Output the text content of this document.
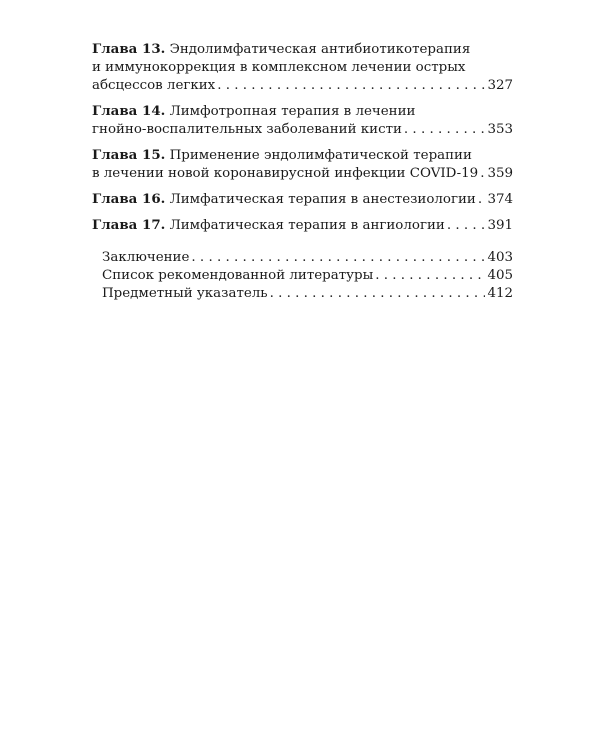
Глава 13. Эндолимфатическая антибиотикотерапия
и иммунокоррекция в комплексном лечении острых
абсцессов легких . . .	327
Глава 14. Лимфотропная терапия в лечении
гнойно-воспалительных заболеваний кисти . . .	353
Глава 15. Применение эндолимфатической терапии
в лечении новой коронавирусной инфекции COVID-19 . . . 359
Глава 16. Лимфатическая терапия в анестезиологии . . . 374
Глава 17. Лимфатическая терапия в ангиологии . . .	391
Заключение . . .	403
Список рекомендованной литературы . . .	405
Предметный указатель . . .	412
